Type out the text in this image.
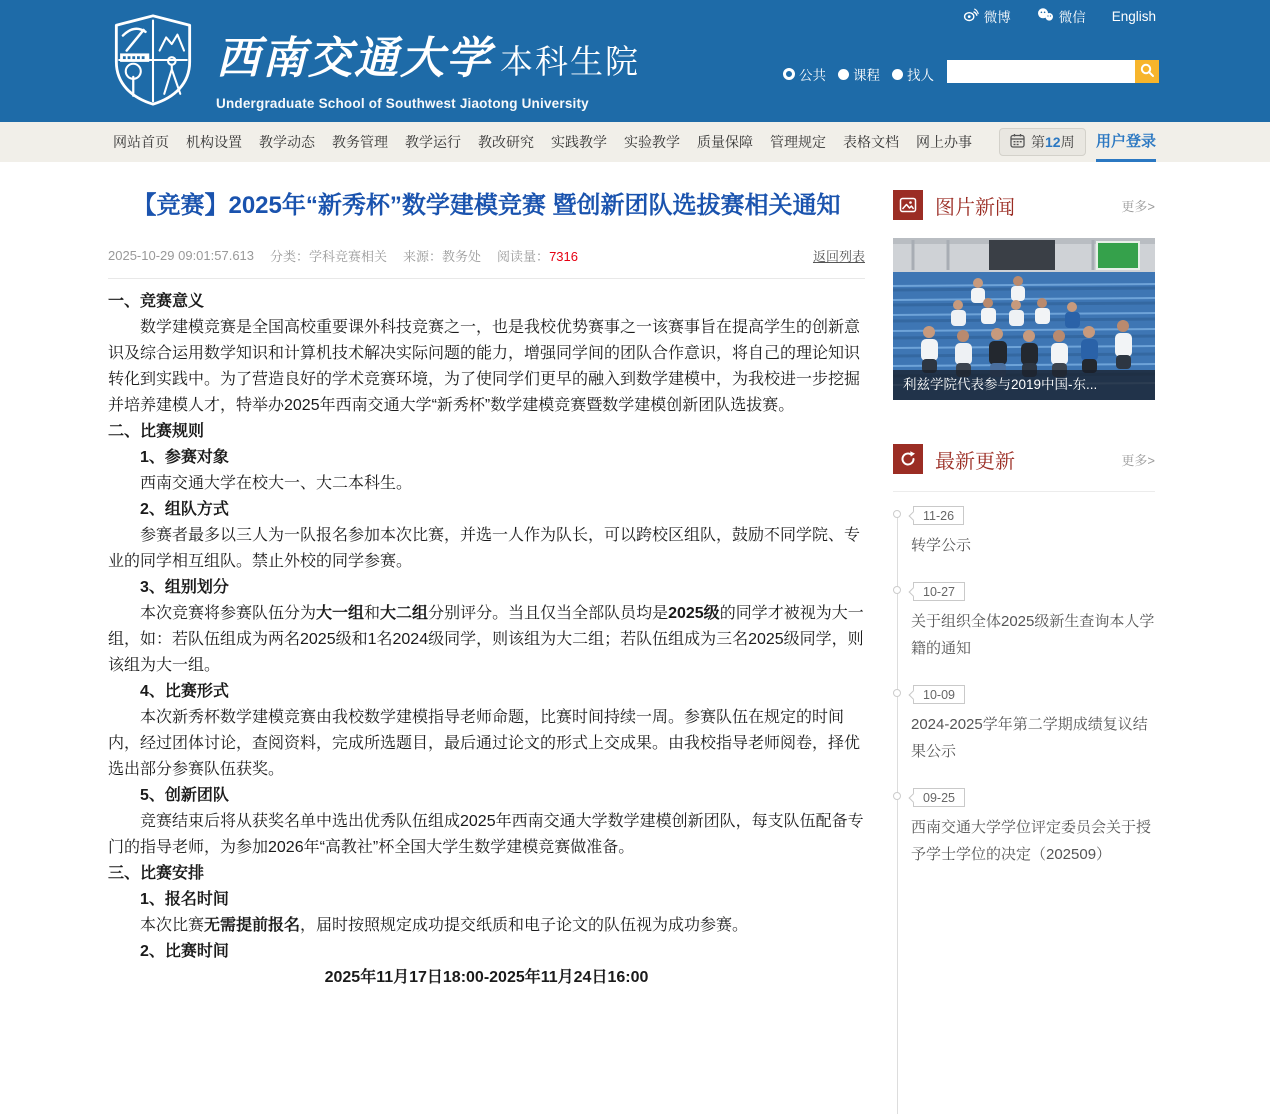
微博	微信 English
西南交通大学 本科生院
Undergraduate School of Southwest Jiaotong University
公共 课程 找人
网站首页 机构设置 教学动态 教务管理 教学运行 教改研究 实践教学 实验教学 质量保障 管理规定 表格文档 网上办事	第12周 用户登录
【竞赛】2025年“新秀杯”数学建模竞赛 暨创新团队选拔赛相关通知
2025-10-29 09:01:57.613 分类：学科竞赛相关 来源：教务处 阅读量：7316	返回列表
一、竞赛意义
数学建模竞赛是全国高校重要课外科技竞赛之一，也是我校优势赛事之一该赛事旨在提高学生的创新意识及综合运用数学知识和计算机技术解决实际问题的能力，增强同学间的团队合作意识，将自己的理论知识转化到实践中。为了营造良好的学术竞赛环境，为了使同学们更早的融入到数学建模中，为我校进一步挖掘并培养建模人才，特举办2025年西南交通大学“新秀杯”数学建模竞赛暨数学建模创新团队选拔赛。
二、比赛规则
1、参赛对象
西南交通大学在校大一、大二本科生。
2、组队方式
参赛者最多以三人为一队报名参加本次比赛，并选一人作为队长，可以跨校区组队，鼓励不同学院、专业的同学相互组队。禁止外校的同学参赛。
3、组别划分
本次竞赛将参赛队伍分为大一组和大二组分别评分。当且仅当全部队员均是2025级的同学才被视为大一组，如：若队伍组成为两名2025级和1名2024级同学，则该组为大二组；若队伍组成为三名2025级同学，则该组为大一组。
4、比赛形式
本次新秀杯数学建模竞赛由我校数学建模指导老师命题，比赛时间持续一周。参赛队伍在规定的时间内，经过团体讨论，查阅资料，完成所选题目，最后通过论文的形式上交成果。由我校指导老师阅卷，择优选出部分参赛队伍获奖。
5、创新团队
竞赛结束后将从获奖名单中选出优秀队伍组成2025年西南交通大学数学建模创新团队，每支队伍配备专门的指导老师，为参加2026年“高教社”杯全国大学生数学建模竞赛做准备。
三、比赛安排
1、报名时间
本次比赛无需提前报名，届时按照规定成功提交纸质和电子论文的队伍视为成功参赛。
2、比赛时间
2025年11月17日18:00-2025年11月24日16:00
图片新闻	更多>
利兹学院代表参与2019中国-东...
最新更新	更多>
11-26
转学公示
10-27
关于组织全体2025级新生查询本人学籍的通知
10-09
2024-2025学年第二学期成绩复议结果公示
09-25
西南交通大学学位评定委员会关于授予学士学位的决定（202509）
